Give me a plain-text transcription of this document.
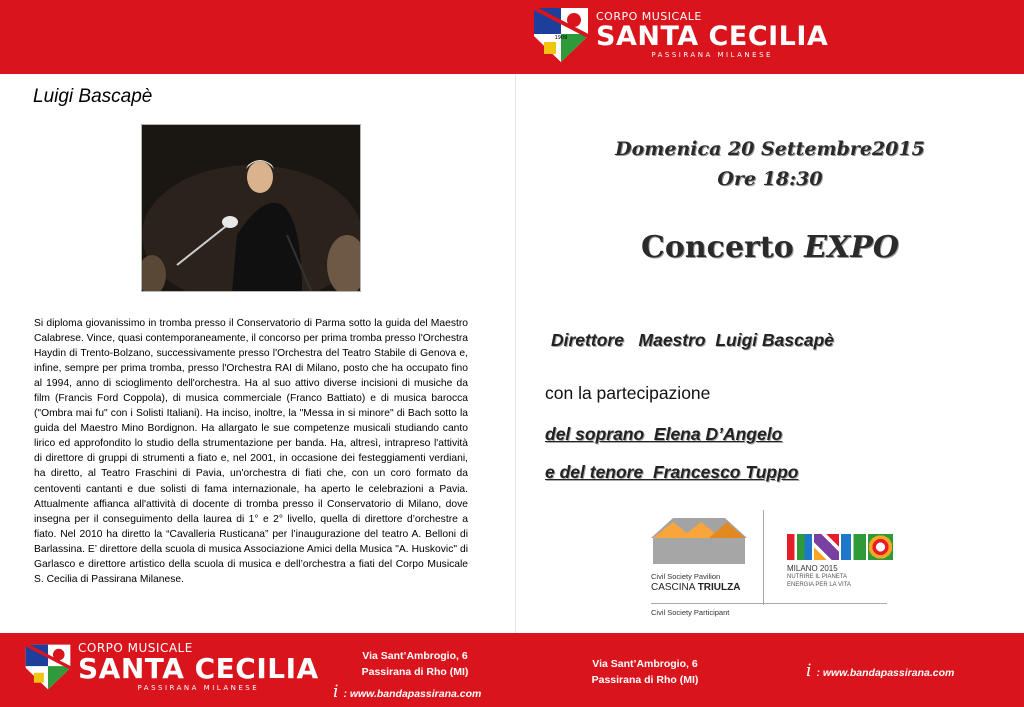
1909
CORPO MUSICALE
SANTA CECILIA
PASSIRANA MILANESE
Luigi Bascapè
Si diploma giovanissimo in tromba presso il Conservatorio di Parma sotto la guida del Maestro Calabrese. Vince, quasi contemporaneamente, il concorso per prima tromba presso l'Orchestra Haydin di Trento-Bolzano, successivamente presso l'Orchestra del Teatro Stabile di Genova e, infine, sempre per prima tromba, presso l'Orchestra RAI di Milano, posto che ha occupato fino al 1994, anno di scioglimento dell'orchestra. Ha al suo attivo diverse incisioni di musiche da film (Francis Ford Coppola), di musica commerciale (Franco Battiato) e di musica barocca ("Ombra mai fu" con i Solisti Italiani). Ha inciso, inoltre, la "Messa in si minore" di Bach sotto la guida del Maestro Mino Bordignon. Ha allargato le sue competenze musicali studiando canto lirico ed approfondito lo studio della strumentazione per banda. Ha, altresì, intrapreso l'attività di direttore di gruppi di strumenti a fiato e, nel 2001, in occasione dei festeggiamenti verdiani, ha diretto, al Teatro Fraschini di Pavia, un'orchestra di fiati che, con un coro formato da centoventi cantanti e due solisti di fama internazionale, ha aperto le celebrazioni a Pavia. Attualmente affianca all'attività di docente di tromba presso il Conservatorio di Milano, dove insegna per il conseguimento della laurea di 1° e 2° livello, quella di direttore d’orchestre a fiato. Nel 2010 ha diretto la “Cavalleria Rusticana” per l’inaugurazione del teatro A. Belloni di Barlassina. E’ direttore della scuola di musica Associazione Amici della Musica "A. Huskovic" di Garlasco e direttore artistico della scuola di musica e dell’orchestra a fiati del Corpo Musicale S. Cecilia di Passirana Milanese.
Domenica 20 Settembre2015
Ore 18:30
Concerto EXPO
Direttore   Maestro  Luigi Bascapè
con la partecipazione
del soprano  Elena D’Angelo
e del tenore  Francesco Tuppo
Civil Society Pavilion
CASCINA TRIULZA
Civil Society Participant
MILANO 2015
NUTRIRE IL PIANETA
ENERGIA PER LA VITA
CORPO MUSICALE
SANTA CECILIA
PASSIRANA MILANESE
Via Sant’Ambrogio, 6
Passirana di Rho (MI)
i : www.bandapassirana.com
Via Sant’Ambrogio, 6
Passirana di Rho (MI)	i : www.bandapassirana.com
